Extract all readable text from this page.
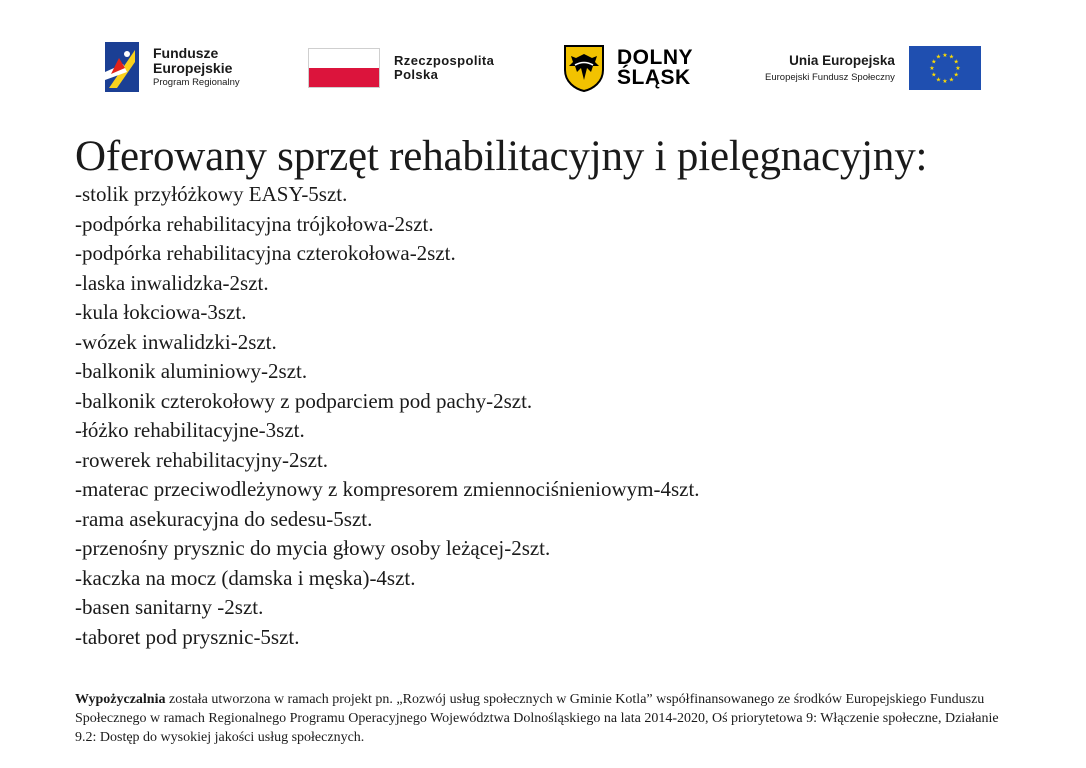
Fundusze
Europejskie
Program Regionalny
Rzeczpospolita
Polska
DOLNY
ŚLĄSK
Unia Europejska
Europejski Fundusz Społeczny
★ ★
★
★
★
★
★
★
★
★
★
★
Oferowany sprzęt rehabilitacyjny i pielęgnacyjny:
-stolik przyłóżkowy EASY-5szt.
-podpórka rehabilitacyjna trójkołowa-2szt.
-podpórka rehabilitacyjna czterokołowa-2szt.
-laska inwalidzka-2szt.
-kula łokciowa-3szt.
-wózek inwalidzki-2szt.
-balkonik aluminiowy-2szt.
-balkonik czterokołowy z podparciem pod pachy-2szt.
-łóżko rehabilitacyjne-3szt.
-rowerek rehabilitacyjny-2szt.
-materac przeciwodleżynowy z kompresorem zmiennociśnieniowym-4szt.
-rama asekuracyjna do sedesu-5szt.
-przenośny prysznic do mycia głowy osoby leżącej-2szt.
-kaczka na mocz (damska i męska)-4szt.
-basen sanitarny -2szt.
-taboret pod prysznic-5szt.

Wypożyczalnia została utworzona w ramach projekt pn. „Rozwój usług społecznych w Gminie Kotla” współfinansowanego ze środków Europejskiego Funduszu Społecznego w ramach Regionalnego Programu Operacyjnego Województwa Dolnośląskiego na lata 2014-2020, Oś priorytetowa 9: Włączenie społeczne, Działanie 9.2: Dostęp do wysokiej jakości usług społecznych.
